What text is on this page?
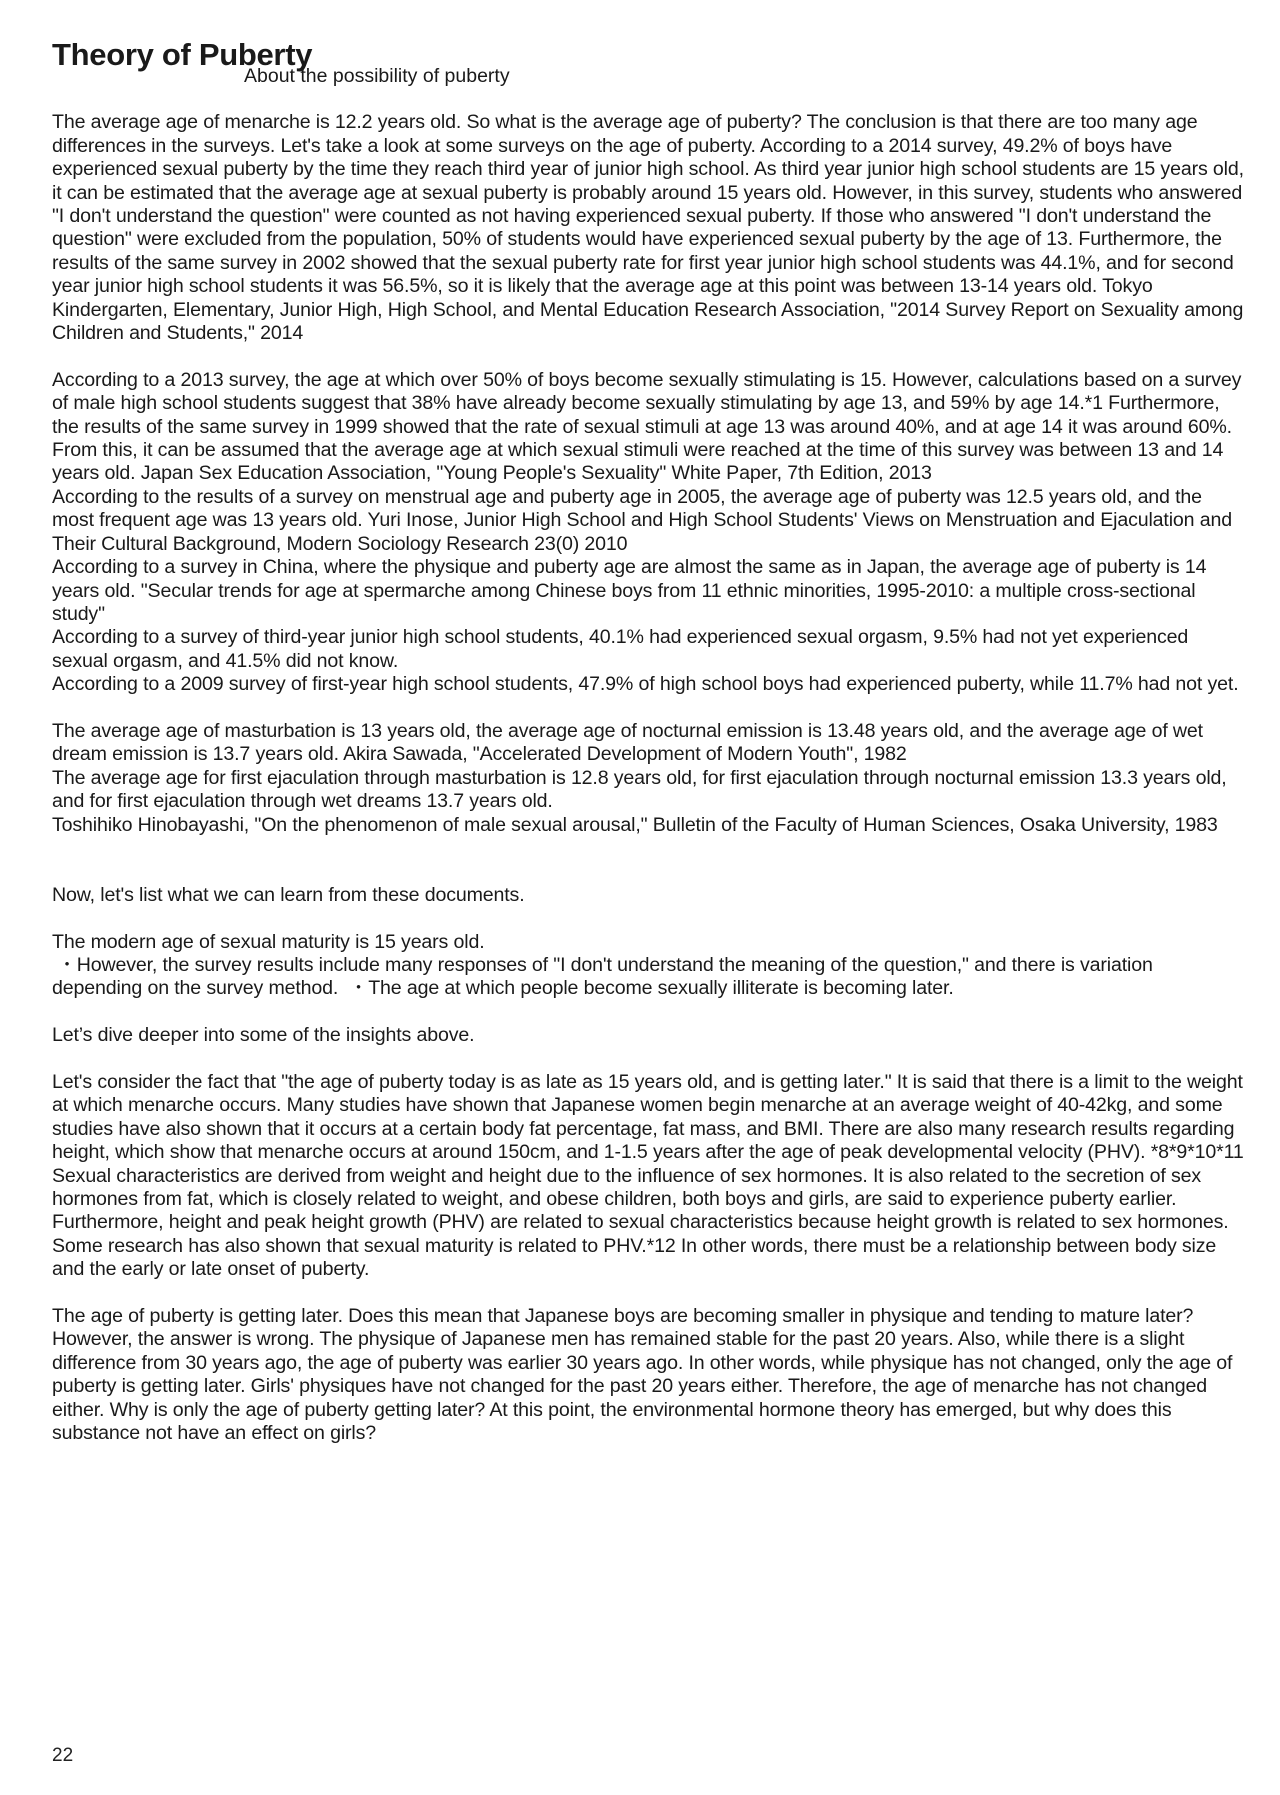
Theory of Puberty
About the possibility of puberty

The average age of menarche is 12.2 years old. So what is the average age of puberty? The conclusion is that there are too many age differences in the surveys. Let's take a look at some surveys on the age of puberty. According to a 2014 survey, 49.2% of boys have experienced sexual puberty by the time they reach third year of junior high school. As third year junior high school students are 15 years old, it can be estimated that the average age at sexual puberty is probably around 15 years old. However, in this survey, students who answered "I don't understand the question" were counted as not having experienced sexual puberty. If those who answered "I don't understand the question" were excluded from the population, 50% of students would have experienced sexual puberty by the age of 13. Furthermore, the results of the same survey in 2002 showed that the sexual puberty rate for first year junior high school students was 44.1%, and for second year junior high school students it was 56.5%, so it is likely that the average age at this point was between 13-14 years old. Tokyo Kindergarten, Elementary, Junior High, High School, and Mental Education Research Association, "2014 Survey Report on Sexuality among Children and Students," 2014

According to a 2013 survey, the age at which over 50% of boys become sexually stimulating is 15. However, calculations based on a survey of male high school students suggest that 38% have already become sexually stimulating by age 13, and 59% by age 14.*1 Furthermore, the results of the same survey in 1999 showed that the rate of sexual stimuli at age 13 was around 40%, and at age 14 it was around 60%. From this, it can be assumed that the average age at which sexual stimuli were reached at the time of this survey was between 13 and 14 years old. Japan Sex Education Association, "Young People's Sexuality" White Paper, 7th Edition, 2013

According to the results of a survey on menstrual age and puberty age in 2005, the average age of puberty was 12.5 years old, and the most frequent age was 13 years old. Yuri Inose, Junior High School and High School Students' Views on Menstruation and Ejaculation and Their Cultural Background, Modern Sociology Research 23(0) 2010

According to a survey in China, where the physique and puberty age are almost the same as in Japan, the average age of puberty is 14 years old. "Secular trends for age at spermarche among Chinese boys from 11 ethnic minorities, 1995-2010: a multiple cross-sectional study"

According to a survey of third-year junior high school students, 40.1% had experienced sexual orgasm, 9.5% had not yet experienced sexual orgasm, and 41.5% did not know.

According to a 2009 survey of first-year high school students, 47.9% of high school boys had experienced puberty, while 11.7% had not yet.

The average age of masturbation is 13 years old, the average age of nocturnal emission is 13.48 years old, and the average age of wet dream emission is 13.7 years old. Akira Sawada, "Accelerated Development of Modern Youth", 1982

The average age for first ejaculation through masturbation is 12.8 years old, for first ejaculation through nocturnal emission 13.3 years old, and for first ejaculation through wet dreams 13.7 years old.

Toshihiko Hinobayashi, "On the phenomenon of male sexual arousal," Bulletin of the Faculty of Human Sciences, Osaka University, 1983

Now, let's list what we can learn from these documents.

The modern age of sexual maturity is 15 years old.

・However, the survey results include many responses of "I don't understand the meaning of the question," and there is variation depending on the survey method.  ・The age at which people become sexually illiterate is becoming later.

Let’s dive deeper into some of the insights above.

Let's consider the fact that "the age of puberty today is as late as 15 years old, and is getting later." It is said that there is a limit to the weight at which menarche occurs. Many studies have shown that Japanese women begin menarche at an average weight of 40-42kg, and some studies have also shown that it occurs at a certain body fat percentage, fat mass, and BMI. There are also many research results regarding height, which show that menarche occurs at around 150cm, and 1-1.5 years after the age of peak developmental velocity (PHV). *8*9*10*11

Sexual characteristics are derived from weight and height due to the influence of sex hormones. It is also related to the secretion of sex hormones from fat, which is closely related to weight, and obese children, both boys and girls, are said to experience puberty earlier. Furthermore, height and peak height growth (PHV) are related to sexual characteristics because height growth is related to sex hormones. Some research has also shown that sexual maturity is related to PHV.*12 In other words, there must be a relationship between body size and the early or late onset of puberty.

The age of puberty is getting later. Does this mean that Japanese boys are becoming smaller in physique and tending to mature later? However, the answer is wrong. The physique of Japanese men has remained stable for the past 20 years. Also, while there is a slight difference from 30 years ago, the age of puberty was earlier 30 years ago. In other words, while physique has not changed, only the age of puberty is getting later. Girls' physiques have not changed for the past 20 years either. Therefore, the age of menarche has not changed either. Why is only the age of puberty getting later? At this point, the environmental hormone theory has emerged, but why does this substance not have an effect on girls?

22
